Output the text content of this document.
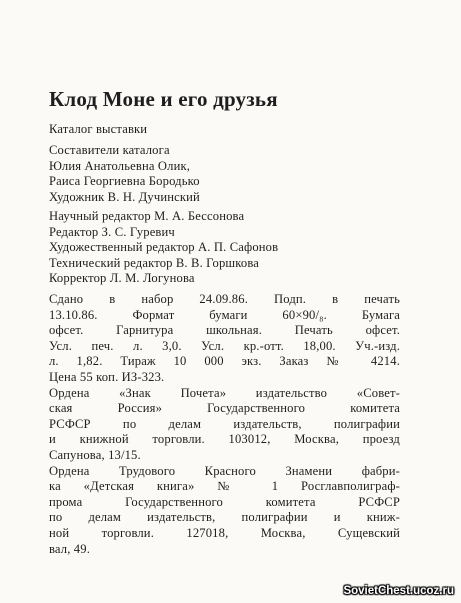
Клод Моне и его друзья
Каталог выставки
Составители каталога
Юлия Анатольевна Олик,
Раиса Георгиевна Бородько
Художник В. Н. Дучинский
Научный редактор М. А. Бессонова
Редактор З. С. Гуревич
Художественный редактор А. П. Сафонов
Технический редактор В. В. Горшкова
Корректор Л. М. Логунова
Сдано в набор 24.09.86. Подп. в печать
13.10.86. Формат бумаги 60×90/₈. Бумага
офсет. Гарнитура школьная. Печать офсет.
Усл. печ. л. 3,0. Усл. кр.-отт. 18,00. Уч.-изд.
л. 1,82. Тираж 10 000 экз. Заказ № 4214.
Цена 55 коп. ИЗ-323.
Ордена «Знак Почета» издательство «Совет-
ская Россия» Государственного комитета
РСФСР по делам издательств, полиграфии
и книжной торговли. 103012, Москва, проезд
Сапунова, 13/15.
Ордена Трудового Красного Знамени фабри-
ка «Детская книга» № 1 Росглавполиграф-
прома Государственного комитета РСФСР
по делам издательств, полиграфии и книж-
ной торговли. 127018, Москва, Сущевский
вал, 49.
SovietChest.ucoz.ru
